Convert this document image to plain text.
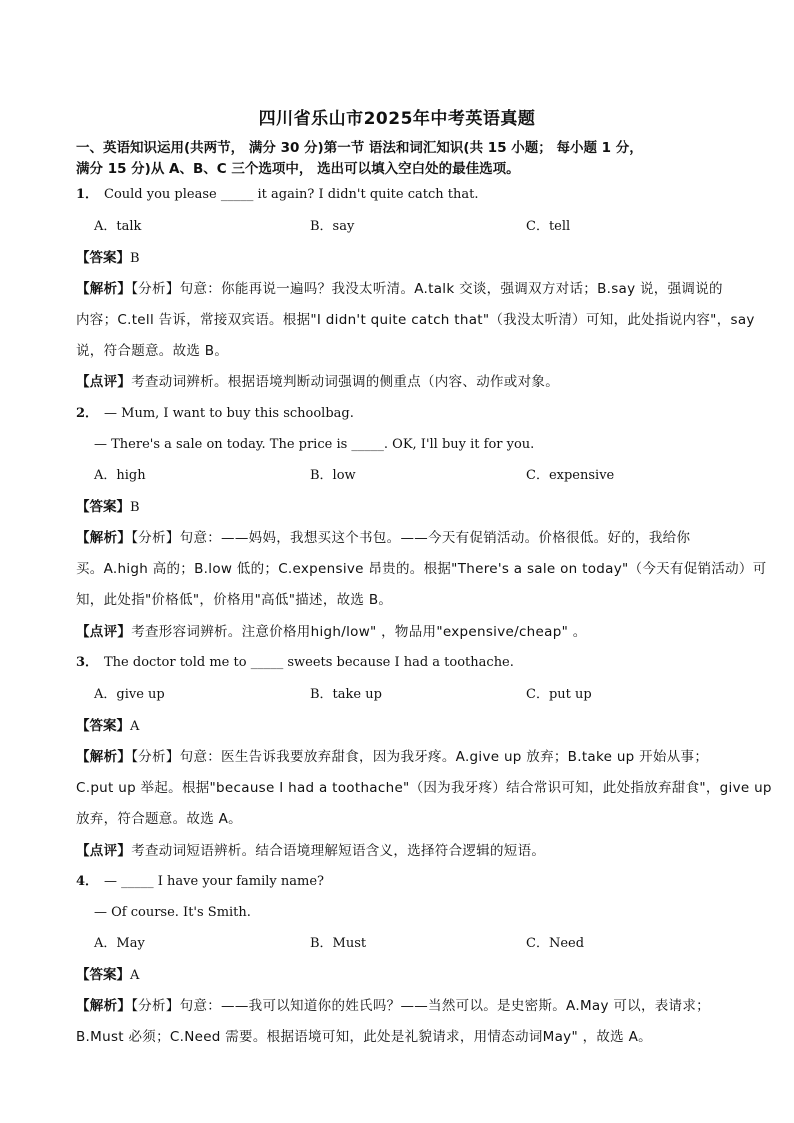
四川省乐山市2025年中考英语真题
一、英语知识运用(共两节， 满分 30 分)第一节 语法和词汇知识(共 15 小题； 每小题 1 分，
满分 15 分)从 A、B、C 三个选项中， 选出可以填入空白处的最佳选项。
1． Could you please _____ it again? I didn't quite catch that.
A．talk	B．say	C．tell
【答案】B
【解析】【分析】句意：你能再说一遍吗？我没太听清。A.talk 交谈，强调双方对话；B.say 说，强调说的
内容；C.tell 告诉，常接双宾语。根据"I didn't quite catch that"（我没太听清）可知，此处指说内容"，say
说，符合题意。故选 B。
【点评】考查动词辨析。根据语境判断动词强调的侧重点（内容、动作或对象。
2． — Mum, I want to buy this schoolbag.
— There's a sale on today. The price is _____. OK, I'll buy it for you.
A．high	B．low	C．expensive
【答案】B
【解析】【分析】句意：——妈妈，我想买这个书包。——今天有促销活动。价格很低。好的，我给你
买。A.high 高的；B.low 低的；C.expensive 昂贵的。根据"There's a sale on today"（今天有促销活动）可
知，此处指"价格低"，价格用"高低"描述，故选 B。
【点评】考查形容词辨析。注意价格用high/low" ，物品用"expensive/cheap" 。
3． The doctor told me to _____ sweets because I had a toothache.
A．give up	B．take up	C．put up
【答案】A
【解析】【分析】句意：医生告诉我要放弃甜食，因为我牙疼。A.give up 放弃；B.take up 开始从事；
C.put up 举起。根据"because I had a toothache"（因为我牙疼）结合常识可知，此处指放弃甜食"，give up
放弃，符合题意。故选 A。
【点评】考查动词短语辨析。结合语境理解短语含义，选择符合逻辑的短语。
4． — _____ I have your family name?
— Of course. It's Smith.
A．May	B．Must	C．Need
【答案】A
【解析】【分析】句意：——我可以知道你的姓氏吗？——当然可以。是史密斯。A.May 可以，表请求；
B.Must 必须；C.Need 需要。根据语境可知，此处是礼貌请求，用情态动词May" ，故选 A。
